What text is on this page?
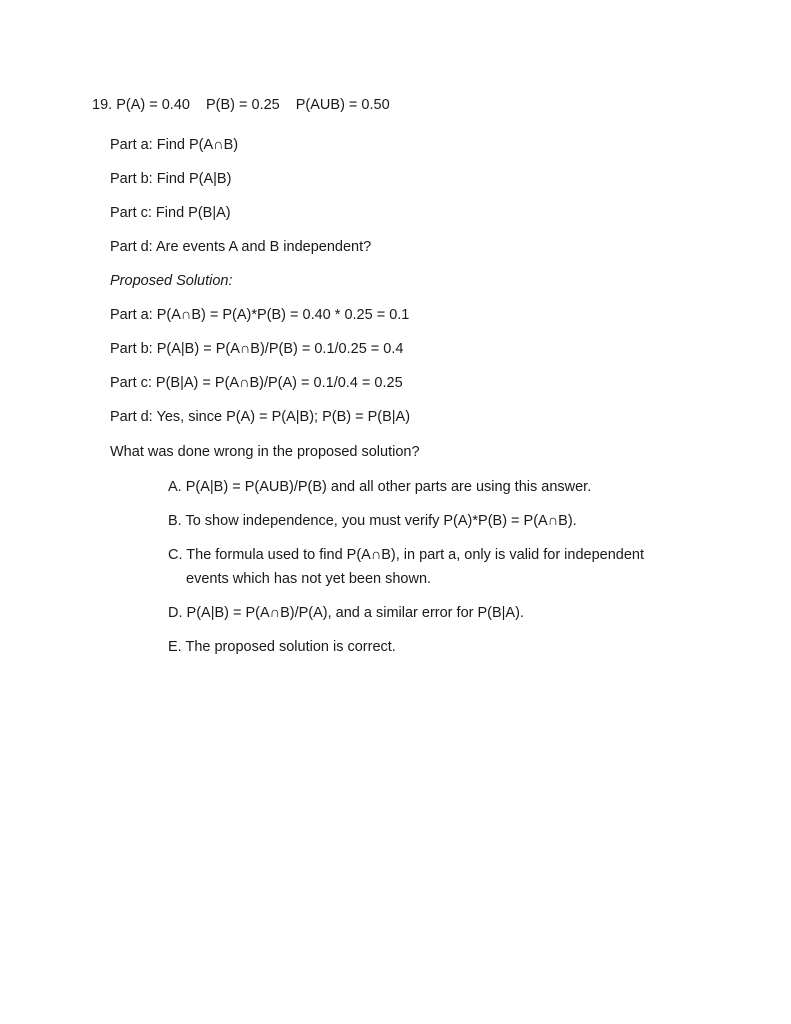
19. P(A) = 0.40 P(B) = 0.25 P(AUB) = 0.50
Part a: Find P(A∩B)
Part b: Find P(A|B)
Part c: Find P(B|A)
Part d: Are events A and B independent?
Proposed Solution:
Part a: P(A∩B) = P(A)*P(B) = 0.40 * 0.25 = 0.1
Part b: P(A|B) = P(A∩B)/P(B) = 0.1/0.25 = 0.4
Part c: P(B|A) = P(A∩B)/P(A) = 0.1/0.4 = 0.25
Part d: Yes, since P(A) = P(A|B); P(B) = P(B|A)
What was done wrong in the proposed solution?
A. P(A|B) = P(AUB)/P(B) and all other parts are using this answer.
B. To show independence, you must verify P(A)*P(B) = P(A∩B).
C. The formula used to find P(A∩B), in part a, only is valid for independent
events which has not yet been shown.
D. P(A|B) = P(A∩B)/P(A), and a similar error for P(B|A).
E. The proposed solution is correct.
